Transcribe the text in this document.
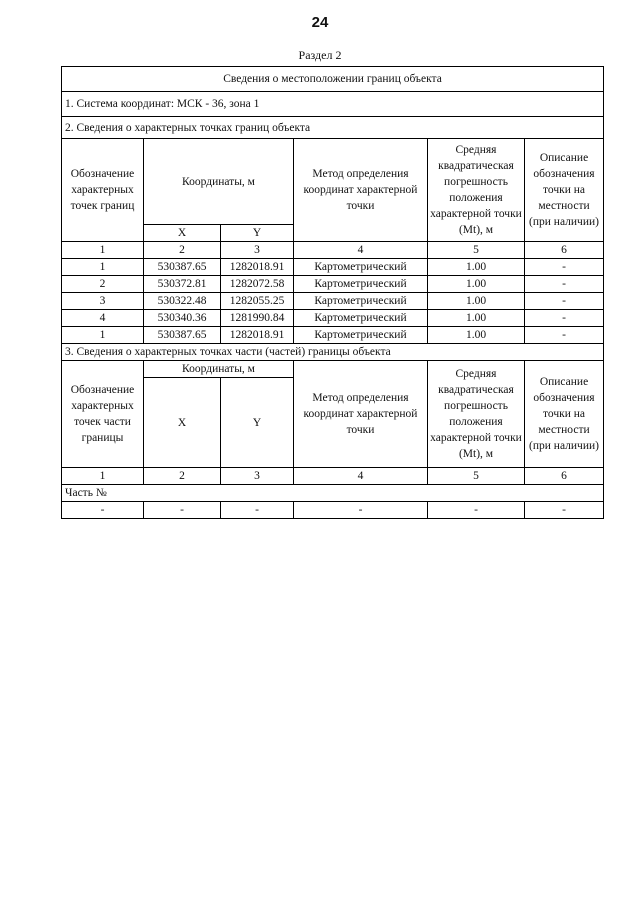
24
Раздел 2
Сведения о местоположении границ объекта					
1. Система координат: МСК - 36, зона 1					
2. Сведения о характерных точках границ объекта					
Обозначение характерных точек границ	Координаты, м		Метод определения координат характерной точки	Средняя квадратическая погрешность положения характерной точки (Mt), м	Описание обозначения точки на местности (при наличии)
	X	Y			
1	2	3	4	5	6
1	530387.65	1282018.91	Картометрический	1.00	-
2	530372.81	1282072.58	Картометрический	1.00	-
3	530322.48	1282055.25	Картометрический	1.00	-
4	530340.36	1281990.84	Картометрический	1.00	-
1	530387.65	1282018.91	Картометрический	1.00	-
3. Сведения о характерных точках части (частей) границы объекта					
Обозначение характерных точек части границы	Координаты, м		Метод определения координат характерной точки	Средняя квадратическая погрешность положения характерной точки (Mt), м	Описание обозначения точки на местности (при наличии)
	X	Y			
1	2	3	4	5	6
Часть №					
-	-	-	-	-	-
